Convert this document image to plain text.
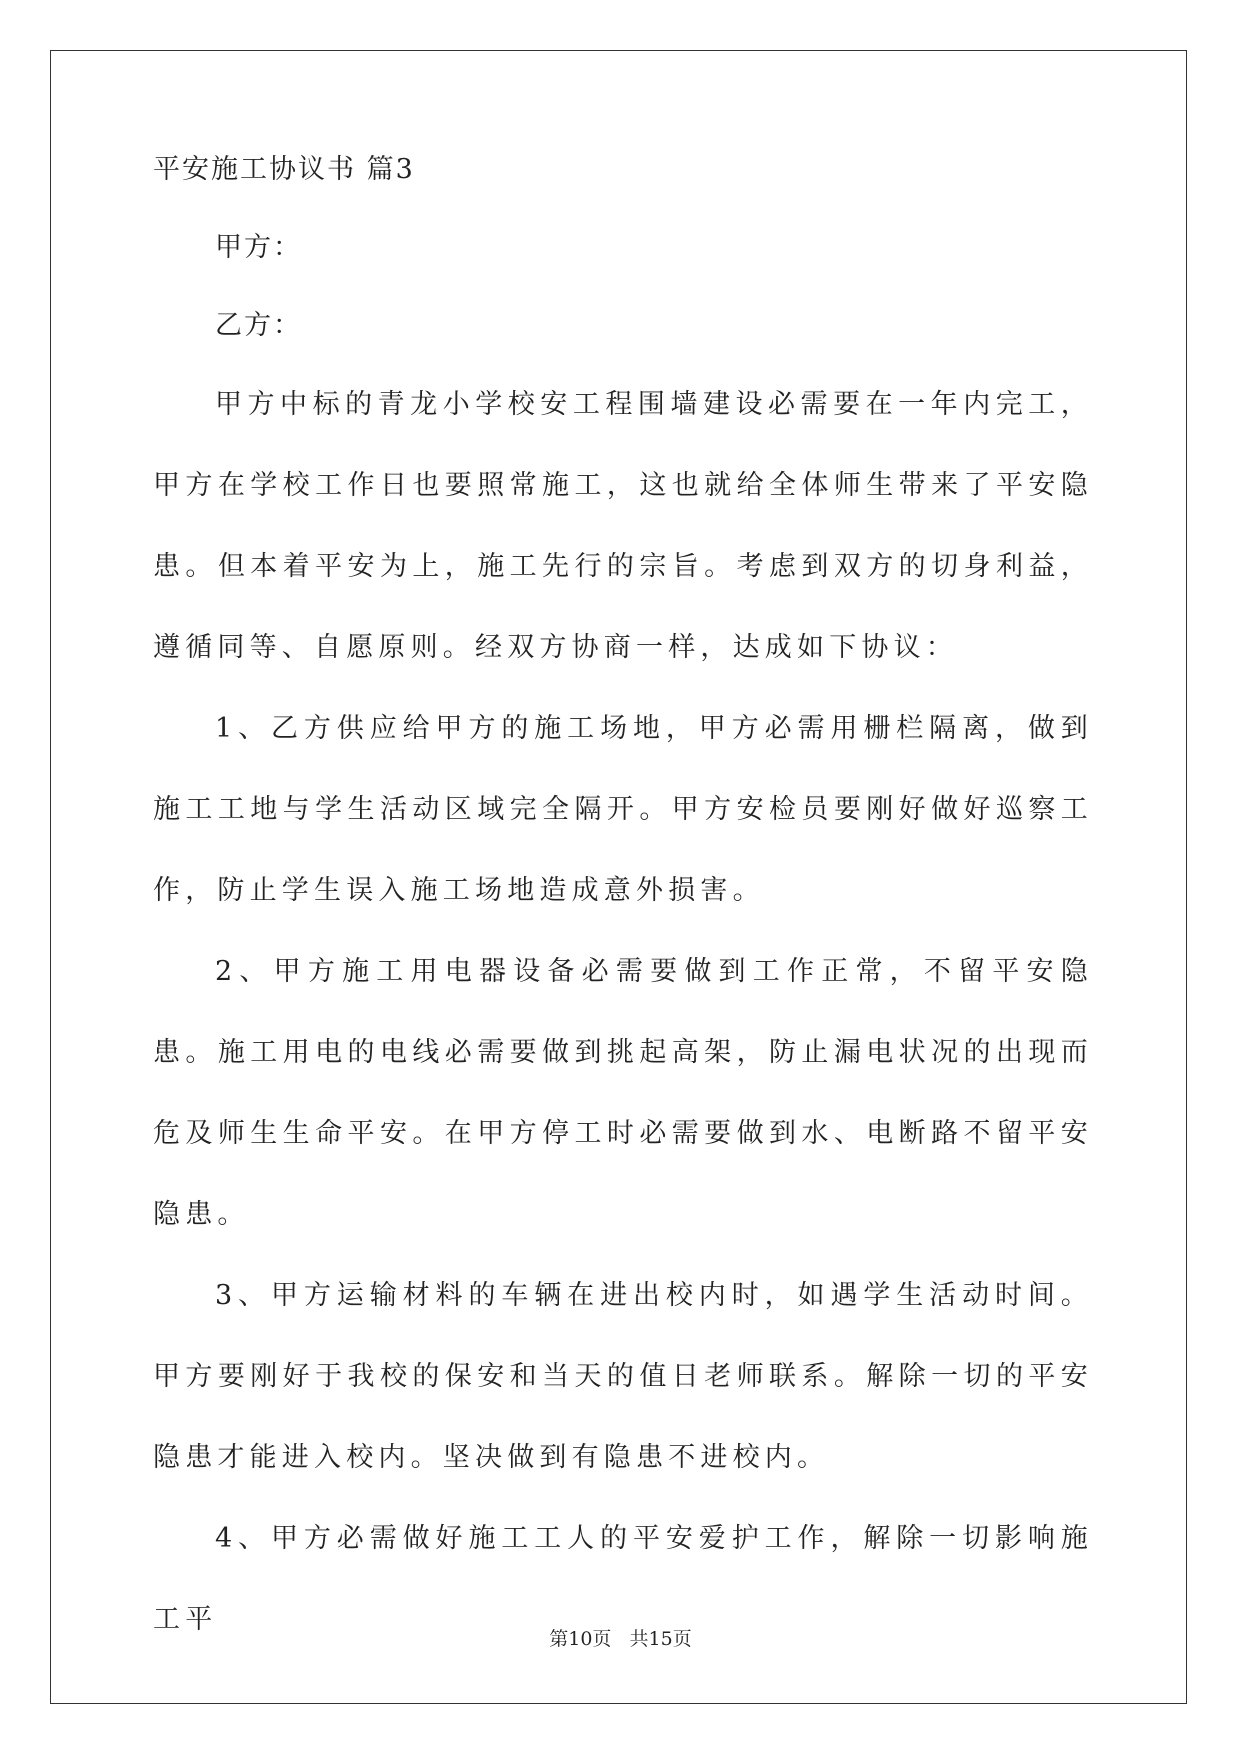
平安施工协议书 篇3
甲方：
乙方：

甲方中标的青龙小学校安工程围墙建设必需要在一年内完工，甲方在学校工作日也要照常施工，这也就给全体师生带来了平安隐患。但本着平安为上，施工先行的宗旨。考虑到双方的切身利益，遵循同等、自愿原则。经双方协商一样，达成如下协议：

1、乙方供应给甲方的施工场地，甲方必需用栅栏隔离，做到施工工地与学生活动区域完全隔开。甲方安检员要刚好做好巡察工作，防止学生误入施工场地造成意外损害。

2、甲方施工用电器设备必需要做到工作正常，不留平安隐患。施工用电的电线必需要做到挑起高架，防止漏电状况的出现而危及师生生命平安。在甲方停工时必需要做到水、电断路不留平安隐患。

3、甲方运输材料的车辆在进出校内时，如遇学生活动时间。甲方要刚好于我校的保安和当天的值日老师联系。解除一切的平安隐患才能进入校内。坚决做到有隐患不进校内。

4、甲方必需做好施工工人的平安爱护工作，解除一切影响施工平

第10页   共15页
